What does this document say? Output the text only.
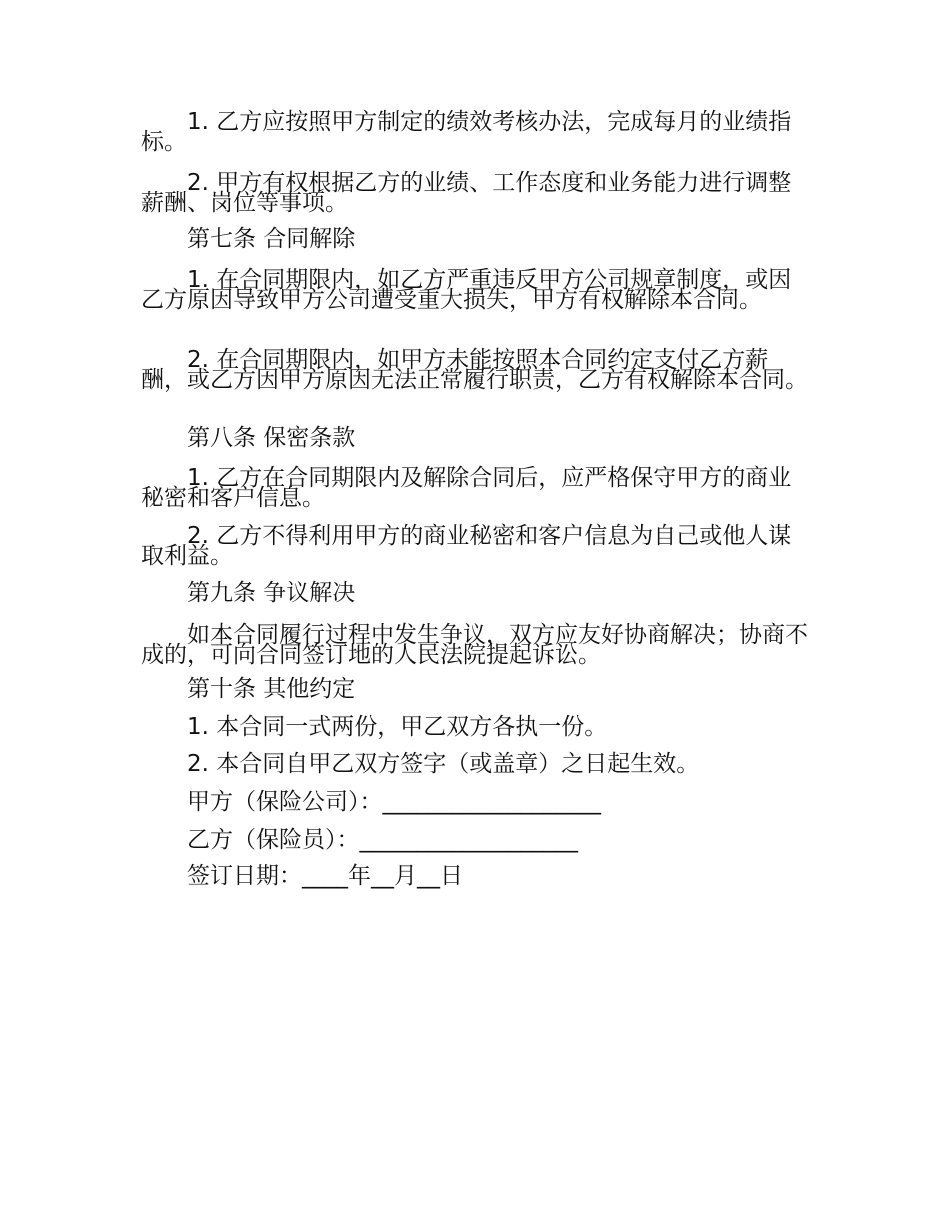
1. 乙方应按照甲方制定的绩效考核办法，完成每月的业绩指标。
2. 甲方有权根据乙方的业绩、工作态度和业务能力进行调整薪酬、岗位等事项。
第七条 合同解除
1. 在合同期限内，如乙方严重违反甲方公司规章制度，或因乙方原因导致甲方公司遭受重大损失，甲方有权解除本合同。
2. 在合同期限内，如甲方未能按照本合同约定支付乙方薪酬，或乙方因甲方原因无法正常履行职责，乙方有权解除本合同。
第八条 保密条款
1. 乙方在合同期限内及解除合同后，应严格保守甲方的商业秘密和客户信息。
2. 乙方不得利用甲方的商业秘密和客户信息为自己或他人谋取利益。
第九条 争议解决
如本合同履行过程中发生争议，双方应友好协商解决；协商不成的，可向合同签订地的人民法院提起诉讼。
第十条 其他约定
1. 本合同一式两份，甲乙双方各执一份。
2. 本合同自甲乙双方签字（或盖章）之日起生效。
甲方（保险公司）：___________________
乙方（保险员）：___________________
签订日期：____年__月__日
